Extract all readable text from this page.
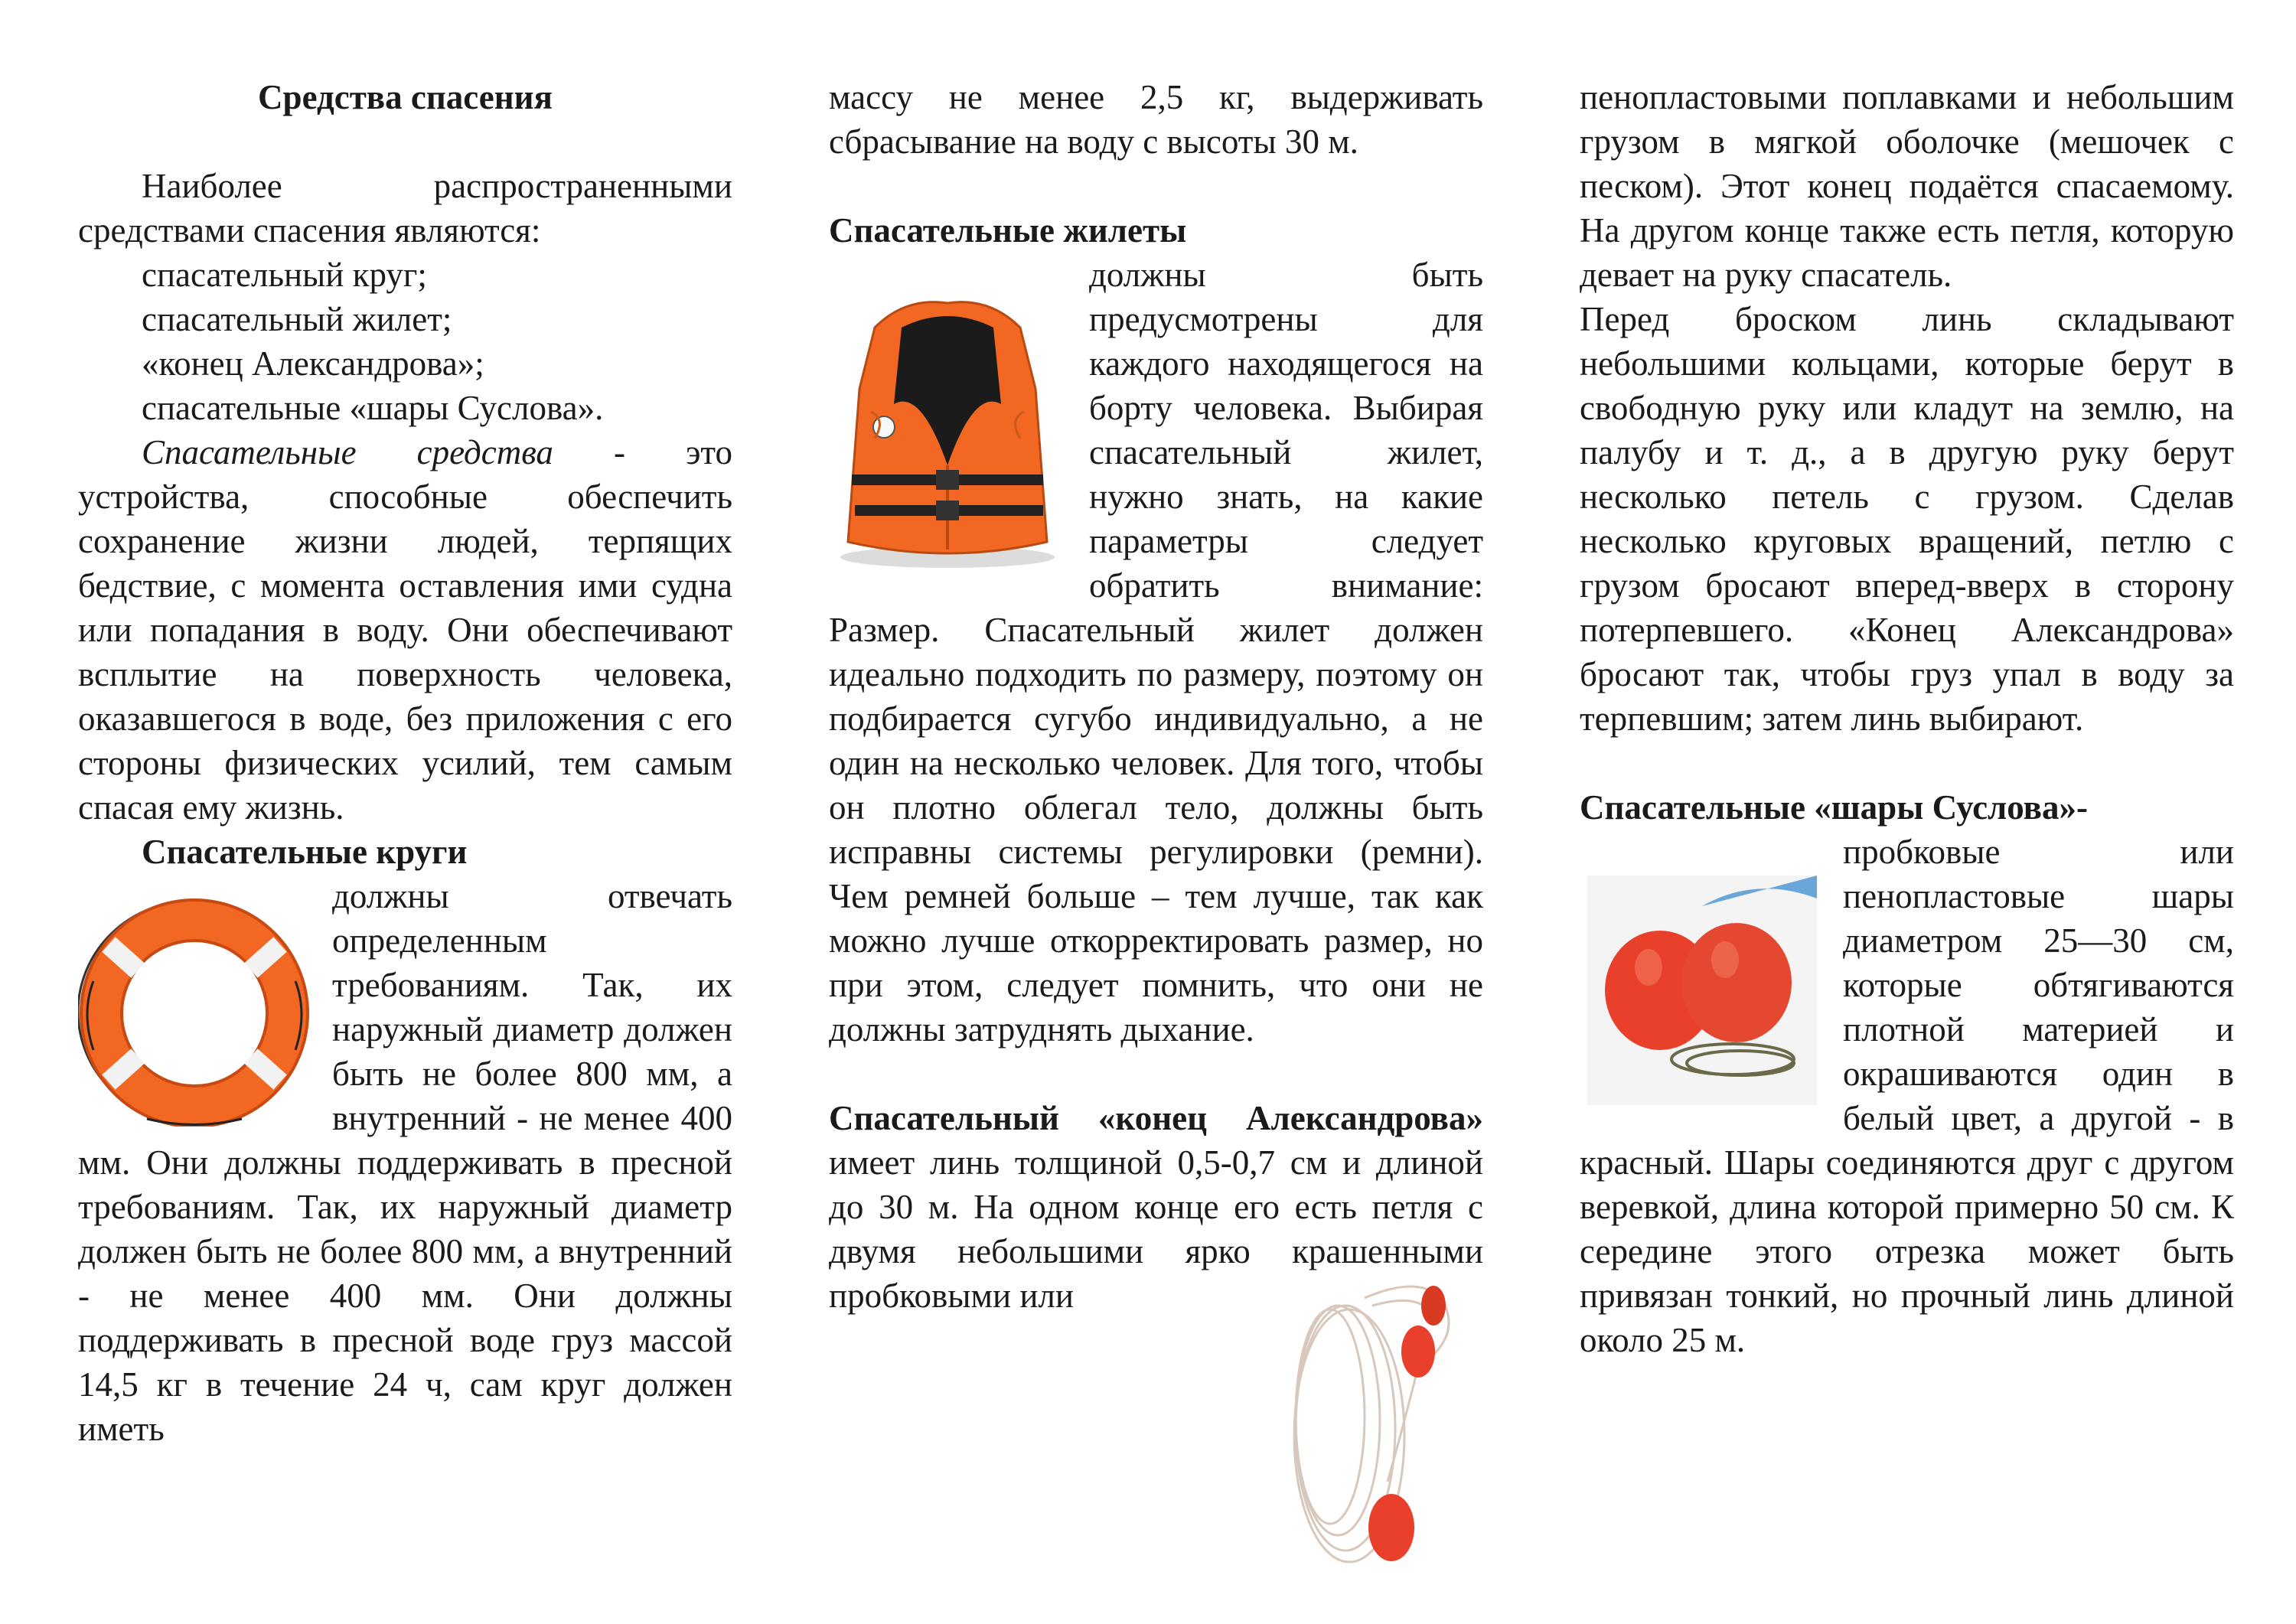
Средства спасения

Наиболее распространенными средствами спасения являются:

спасательный круг;

спасательный жилет;

«конец Александрова»;

спасательные «шары Суслова».

Спасательные средства - это устройства, способные обеспечить сохранение жизни людей, терпящих бедствие, с момента оставления ими судна или попадания в воду. Они обеспечивают всплытие на поверхность человека, оказавшегося в воде, без приложения с его стороны физических усилий, тем самым спасая ему жизнь.

Спасательные круги

должны отвечать определенным требованиям. Так, их наружный диаметр должен быть не более 800 мм, а внутренний - не менее 400 мм. Они должны поддерживать в пресной требованиям. Так, их наружный диаметр должен быть не более 800 мм, а внутренний - не менее 400 мм. Они должны поддерживать в пресной воде груз массой 14,5 кг в течение 24 ч, сам круг должен иметь

массу не менее 2,5 кг, выдерживать сбрасывание на воду с высоты 30 м.

Спасательные жилеты

должны быть предусмотрены для каждого находящегося на борту человека. Выбирая спасательный жилет, нужно знать, на какие параметры следует обратить внимание: Размер. Спасательный жилет должен идеально подходить по размеру, поэтому он подбирается сугубо индивидуально, а не один на несколько человек. Для того, чтобы он плотно облегал тело, должны быть исправны системы регулировки (ремни). Чем ремней больше – тем лучше, так как можно лучше откорректировать размер, но при этом, следует помнить, что они не должны затруднять дыхание.

Спасательный «конец Александрова» имеет линь толщиной 0,5-0,7 см и длиной до 30 м. На одном конце его есть петля с двумя небольшими ярко крашенными пробковыми или

пенопластовыми поплавками и небольшим грузом в мягкой оболочке (мешочек с песком). Этот конец подаётся спасаемому. На другом конце также есть петля, которую девает на руку спасатель.

Перед броском линь складывают небольшими кольцами, которые берут в свободную руку или кладут на землю, на палубу и т. д., а в другую руку берут несколько петель с грузом. Сделав несколько круговых вращений, петлю с грузом бросают вперед-вверх в сторону потерпевшего. «Конец Александрова» бросают так, чтобы груз упал в воду за терпевшим; затем линь выбирают.

Спасательные «шары Суслова»-

пробковые или пенопластовые шары диаметром 25—30 см, которые обтягиваются плотной материей и окрашиваются один в белый цвет, а другой - в красный. Шары соединяются друг с другом веревкой, длина которой примерно 50 см. К середине этого отрезка может быть привязан тонкий, но прочный линь длиной около 25 м.
